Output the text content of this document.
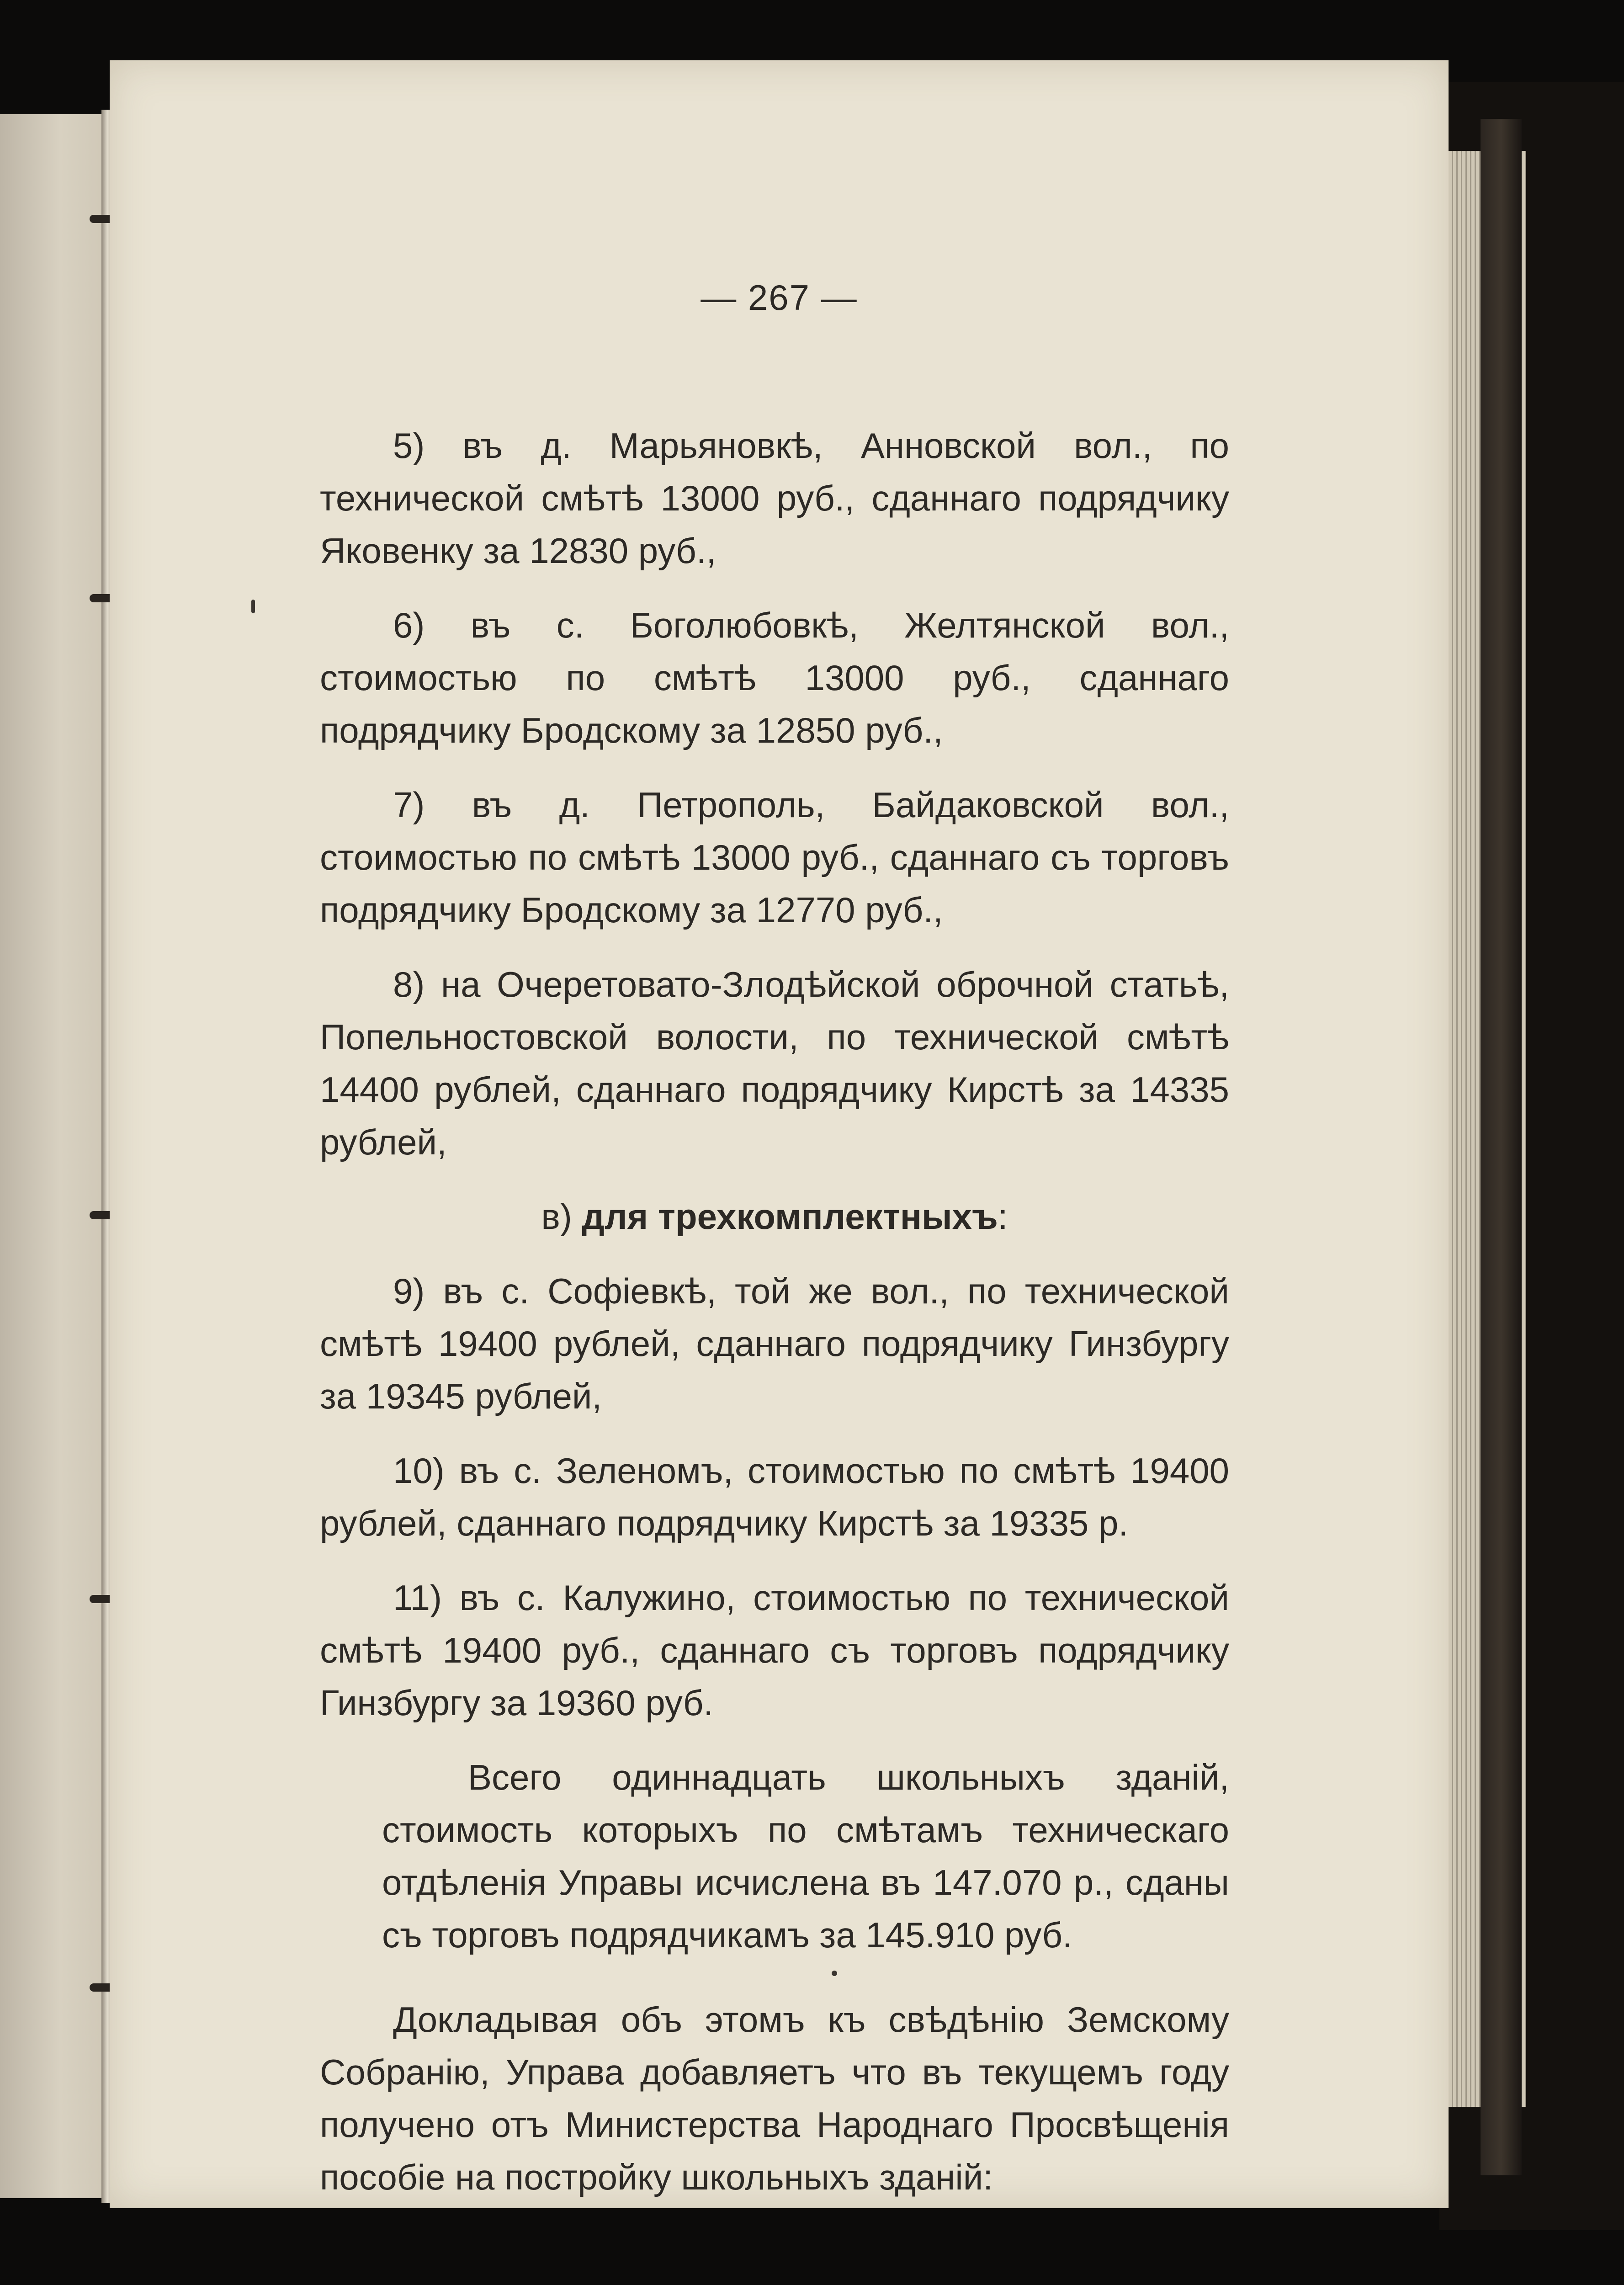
— 267 —

5) въ д. Марьяновкѣ, Анновской вол., по технической смѣтѣ 13000 руб., сданнаго подрядчику Яковенку за 12830 руб.,

6) въ с. Боголюбовкѣ, Желтянской вол., стоимостью по смѣтѣ 13000 руб., сданнаго подрядчику Бродскому за 12850 руб.,

7) въ д. Петрополь, Байдаковской вол., стоимостью по смѣтѣ 13000 руб., сданнаго съ торговъ подрядчику Бродскому за 12770 руб.,

8) на Очеретовато-Злодѣйской оброчной статьѣ, Попельностовской волости, по технической смѣтѣ 14400 рублей, сданнаго подрядчику Кирстѣ за 14335 рублей,

в) для трехкомплектныхъ:

9) въ с. Софiевкѣ, той же вол., по технической смѣтѣ 19400 рублей, сданнаго подрядчику Гинзбургу за 19345 рублей,

10) въ с. Зеленомъ, стоимостью по смѣтѣ 19400 рублей, сданнаго подрядчику Кирстѣ за 19335 р.

11) въ с. Калужино, стоимостью по технической смѣтѣ 19400 руб., сданнаго съ торговъ подрядчику Гинзбургу за 19360 руб.

Всего одиннадцать школьныхъ зданiй, стоимость которыхъ по смѣтамъ техническаго отдѣленiя Управы исчислена въ 147.070 р., сданы съ торговъ подрядчикамъ за 145.910 руб.

Докладывая объ этомъ къ свѣдѣнiю Земскому Собранiю, Управа добавляетъ что въ текущемъ году получено отъ Министерства Народнаго Просвѣщенiя пособiе на постройку школьныхъ зданiй:
